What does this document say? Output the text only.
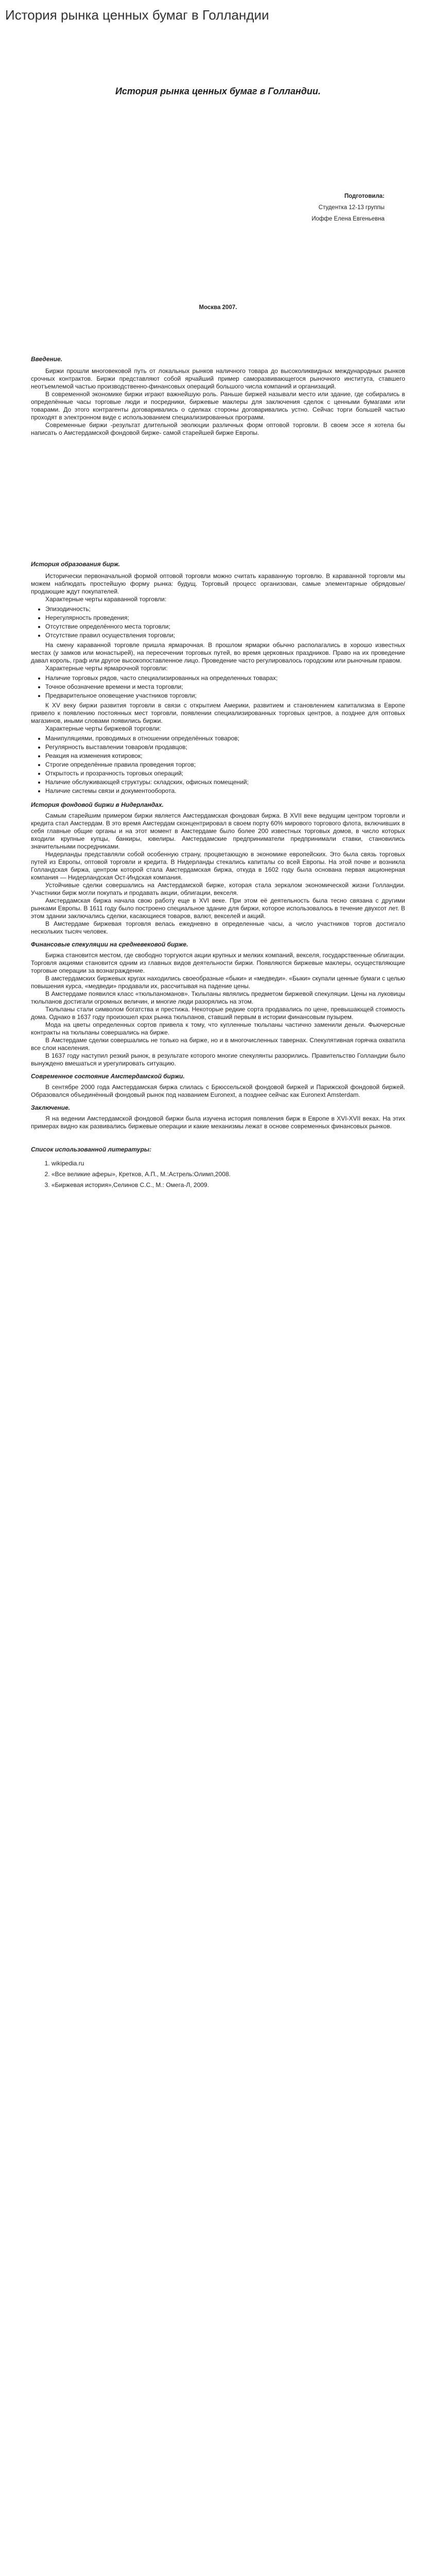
История рынка ценных бумаг в Голландии
История рынка ценных бумаг в Голландии.
Подготовила:
Студентка 12-13 группы
Иоффе Елена Евгеньевна
Москва 2007.
Введение.

Биржи прошли многовековой путь от локальных рынков наличного товара до высоколиквидных международных рынков срочных контрактов. Биржи представляют собой ярчайший пример саморазвивающегося рыночного института, ставшего неотъемлемой частью производственно-финансовых операций большого числа компаний и организаций.

В современной экономике биржи играют важнейшую роль. Раньше биржей называли место или здание, где собирались в определённые часы торговые люди и посредники, биржевые маклеры для заключения сделок с ценными бумагами или товарами. До этого контрагенты договаривались о сделках стороны договаривались устно. Сейчас торги большей частью проходят в электронном виде с использованием специализированных программ.

Современные биржи -результат длительной эволюции различных форм оптовой торговли. В своем эссе я хотела бы написать о Амстердамской фондовой бирже- самой старейшей бирже Европы.

История образования бирж.

Исторически первоначальной формой оптовой торговли можно считать караванную торговлю. В караванной торговли мы можем наблюдать простейшую форму рынка: будущ. Торговый процесс организован, самые элементарные обрядовые/продающие ждут покупателей.

Характерные черты караванной торговли:
• Эпизодичность;
• Нерегулярность проведения;
• Отсутствие определённого места торговли;
• Отсутствие правил осуществления торговли;

На смену караванной торговле пришла ярмарочная. В прошлом ярмарки обычно располагались в хорошо известных местах (у замков или монастырей), на пересечении торговых путей, во время церковных праздников. Право на их проведение давал король, граф или другое высокопоставленное лицо. Проведение часто регулировалось городским или рыночным правом.

Характерные черты ярмарочной торговли:
• Наличие торговых рядов, часто специализированных на определенных товарах;
• Точное обозначение времени и места торговли;
• Предварительное оповещение участников торговли;

К XV веку биржи развития торговли в связи с открытием Америки, развитием и становлением капитализма в Европе привело к появлению постоянных мест торговли, появлении специализированных торговых центров, а позднее для оптовых магазинов, иными словами появились биржи.

Характерные черты биржевой торговли:
• Манипуляциями, проводимых в отношении определённых товаров;
• Регулярность выставлении товаров/и продавцов;
• Реакция на изменения котировок;
• Строгие определённые правила проведения торгов;
• Открытость и прозрачность торговых операций;
• Наличие обслуживающей структуры: складских, офисных помещений;
• Наличие системы связи и документооборота.
История фондовой биржи в Нидерландах.

Самым старейшим примером биржи является Амстердамская фондовая биржа. В XVII веке ведущим центром торговли и кредита стал Амстердам. В это время Амстердам сконцентрировал в своем порту 60% мирового торгового флота, включивших в себя главные общие органы и на этот момент в Амстердаме было более 200 известных торговых домов, в число которых входили крупные купцы, банкиры, ювелиры. Амстердамские предприниматели предпринимали ставки, становились значительными посредниками.

Нидерланды представляли собой особенную страну, процветающую в экономике европейских. Это была связь торговых путей из Европы, оптовой торговли и кредита. В Нидерланды стекались капиталы со всей Европы. На этой почве и возникла Голландская биржа, центром которой стала Амстердамская биржа, откуда в 1602 году была основана первая акционерная компания — Нидерландская Ост-Индская компания.

Устойчивые сделки совершались на Амстердамской бирже, которая стала зеркалом экономической жизни Голландии. Участники бирж могли покупать и продавать акции, облигации, векселя.

Амстердамская биржа начала свою работу еще в XVI веке. При этом её деятельность была тесно связана с другими рынками Европы. В 1611 году было построено специальное здание для биржи, которое использовалось в течение двухсот лет. В этом здании заключались сделки, касающиеся товаров, валют, векселей и акций.

В Амстердаме биржевая торговля велась ежедневно в определенные часы, а число участников торгов достигало нескольких тысяч человек.

Финансовые спекуляции на средневековой бирже.

Биржа становится местом, где свободно торгуются акции крупных и мелких компаний, векселя, государственные облигации. Торговля акциями становится одним из главных видов деятельности биржи. Появляются биржевые маклеры, осуществляющие торговые операции за вознаграждение.

В амстердамских биржевых кругах находились своеобразные «быки» и «медведи». «Быки» скупали ценные бумаги с целью повышения курса, «медведи» продавали их, рассчитывая на падение цены.

В Амстердаме появился класс «тюльпаноманов». Тюльпаны являлись предметом биржевой спекуляции. Цены на луковицы тюльпанов достигали огромных величин, и многие люди разорялись на этом.

Тюльпаны стали символом богатства и престижа. Некоторые редкие сорта продавались по цене, превышающей стоимость дома. Однако в 1637 году произошел крах рынка тюльпанов, ставший первым в истории финансовым пузырем.

Мода на цветы определенных сортов привела к тому, что купленные тюльпаны частично заменили деньги. Фьючерсные контракты на тюльпаны совершались на бирже.

В Амстердаме сделки совершались не только на бирже, но и в многочисленных тавернах. Спекулятивная горячка охватила все слои населения.

В 1637 году наступил резкий рынок, в результате которого многие спекулянты разорились. Правительство Голландии было вынуждено вмешаться и урегулировать ситуацию.

Современное состояние Амстердамской биржи.

В сентябре 2000 года Амстердамская биржа слилась с Брюссельской фондовой биржей и Парижской фондовой биржей. Образовался объединённый фондовый рынок под названием Euronext, а позднее сейчас как Euronext Amsterdam.

Заключение.

Я на ведении Амстердамской фондовой биржи была изучена история появления бирж в Европе в XVI-XVII веках. На этих примерах видно как развивались биржевые операции и какие механизмы лежат в основе современных финансовых рынков.

Список использованной литературы:
1. wikipedia.ru
2. «Все великие аферы», Кретков, А.П., М.:Астрель:Олимп,2008.
3. «Биржевая история»,Селинов С.С., М.: Омега-Л, 2009.
